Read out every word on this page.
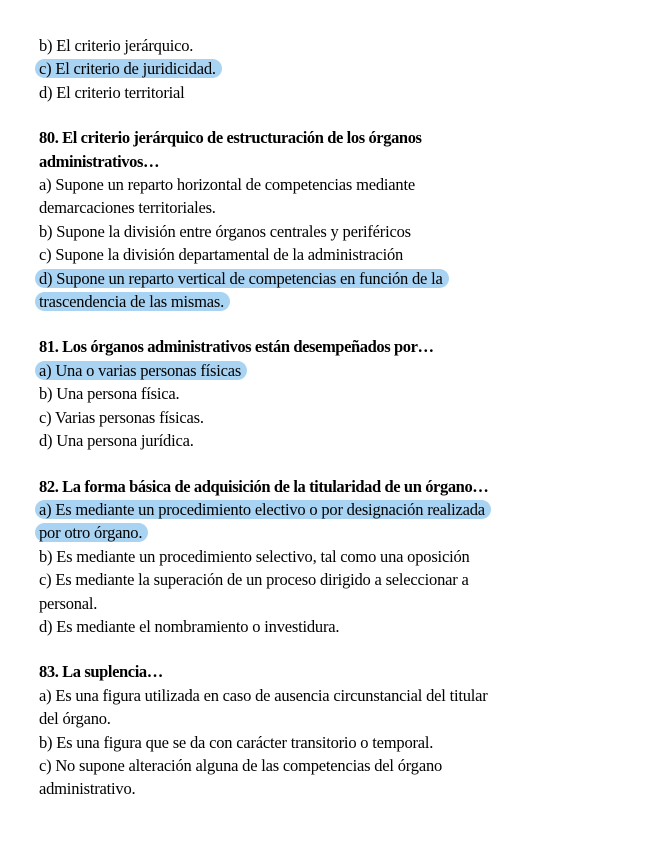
b) El criterio jerárquico.
c) El criterio de juridicidad.
d) El criterio territorial
80. El criterio jerárquico de estructuración de los órganos
administrativos…
a) Supone un reparto horizontal de competencias mediante
demarcaciones territoriales.
b) Supone la división entre órganos centrales y periféricos
c) Supone la división departamental de la administración
d) Supone un reparto vertical de competencias en función de la
trascendencia de las mismas.
81. Los órganos administrativos están desempeñados por…
a) Una o varias personas físicas
b) Una persona física.
c) Varias personas físicas.
d) Una persona jurídica.
82. La forma básica de adquisición de la titularidad de un órgano…
a) Es mediante un procedimiento electivo o por designación realizada
por otro órgano.
b) Es mediante un procedimiento selectivo, tal como una oposición
c) Es mediante la superación de un proceso dirigido a seleccionar a
personal.
d) Es mediante el nombramiento o investidura.
83. La suplencia…
a) Es una figura utilizada en caso de ausencia circunstancial del titular
del órgano.
b) Es una figura que se da con carácter transitorio o temporal.
c) No supone alteración alguna de las competencias del órgano
administrativo.
